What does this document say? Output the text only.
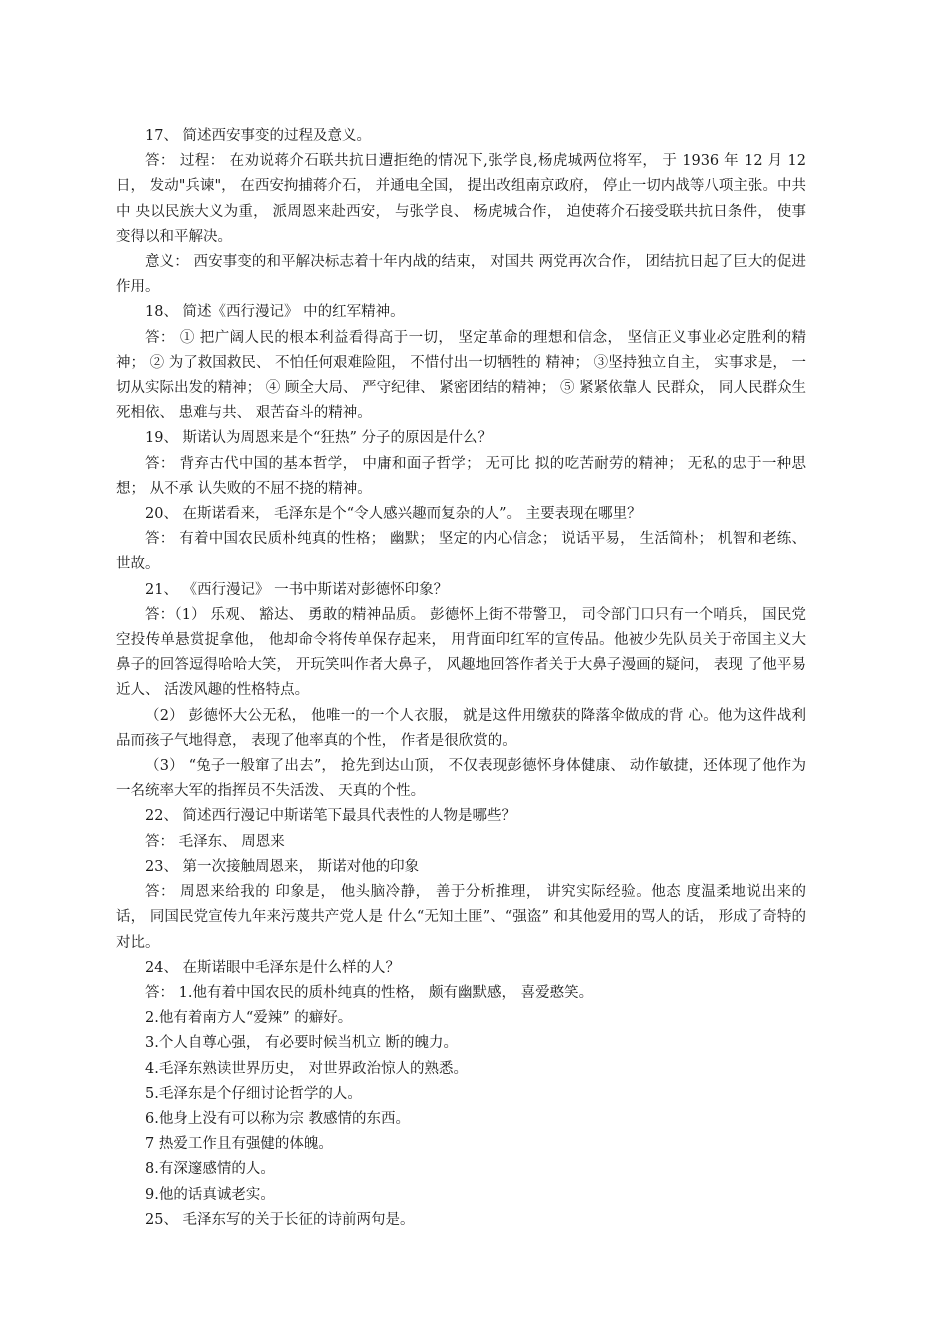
17、 简述西安事变的过程及意义。

答： 过程： 在劝说蒋介石联共抗日遭拒绝的情况下,张学良,杨虎城两位将军， 于 1936 年 12 月 12 日， 发动"兵谏"， 在西安拘捕蒋介石， 并通电全国， 提出改组南京政府， 停止一切内战等八项主张。中共中 央以民族大义为重， 派周恩来赴西安， 与张学良、 杨虎城合作， 迫使蒋介石接受联共抗日条件， 使事变得以和平解决。

意义： 西安事变的和平解决标志着十年内战的结束， 对国共 两党再次合作， 团结抗日起了巨大的促进作用。

18、 简述《西行漫记》 中的红军精神。

答： ① 把广阔人民的根本利益看得高于一切， 坚定革命的理想和信念， 坚信正义事业必定胜利的精神； ② 为了救国救民、 不怕任何艰难险阻， 不惜付出一切牺牲的 精神； ③坚持独立自主， 实事求是， 一切从实际出发的精神； ④ 顾全大局、 严守纪律、 紧密团结的精神； ⑤ 紧紧依靠人 民群众， 同人民群众生死相依、 患难与共、 艰苦奋斗的精神。

19、 斯诺认为周恩来是个“狂热” 分子的原因是什么？

答： 背弃古代中国的基本哲学， 中庸和面子哲学； 无可比 拟的吃苦耐劳的精神； 无私的忠于一种思想； 从不承 认失败的不屈不挠的精神。

20、 在斯诺看来， 毛泽东是个“令人感兴趣而复杂的人”。 主要表现在哪里？

答： 有着中国农民质朴纯真的性格； 幽默； 坚定的内心信念； 说话平易， 生活简朴； 机智和老练、 世故。

21、 《西行漫记》 一书中斯诺对彭德怀印象？

答：（1） 乐观、 豁达、 勇敢的精神品质。 彭德怀上街不带警卫， 司令部门口只有一个哨兵， 国民党空投传单悬赏捉拿他， 他却命令将传单保存起来， 用背面印红军的宣传品。他被少先队员关于帝国主义大鼻子的回答逗得哈哈大笑， 开玩笑叫作者大鼻子， 风趣地回答作者关于大鼻子漫画的疑问， 表现 了他平易近人、 活泼风趣的性格特点。

（2） 彭德怀大公无私， 他唯一的一个人衣服， 就是这件用缴获的降落伞做成的背 心。他为这件战利品而孩子气地得意， 表现了他率真的个性， 作者是很欣赏的。

（3） “兔子一般窜了出去”， 抢先到达山顶， 不仅表现彭德怀身体健康、 动作敏捷，还体现了他作为一名统率大军的指挥员不失活泼、 天真的个性。

22、 简述西行漫记中斯诺笔下最具代表性的人物是哪些？

答： 毛泽东、 周恩来

23、 第一次接触周恩来， 斯诺对他的印象

答： 周恩来给我的 印象是， 他头脑冷静， 善于分析推理， 讲究实际经验。他态 度温柔地说出来的话， 同国民党宣传九年来污蔑共产党人是 什么“无知土匪”、“强盗” 和其他爱用的骂人的话， 形成了奇特的对比。

24、 在斯诺眼中毛泽东是什么样的人？

答： 1.他有着中国农民的质朴纯真的性格， 颇有幽默感， 喜爱憨笑。

2.他有着南方人“爱辣” 的癖好。

3.个人自尊心强， 有必要时候当机立 断的魄力。

4.毛泽东熟读世界历史， 对世界政治惊人的熟悉。

5.毛泽东是个仔细讨论哲学的人。

6.他身上没有可以称为宗 教感情的东西。

7 热爱工作且有强健的体魄。

8.有深邃感情的人。

9.他的话真诚老实。

25、 毛泽东写的关于长征的诗前两句是。
